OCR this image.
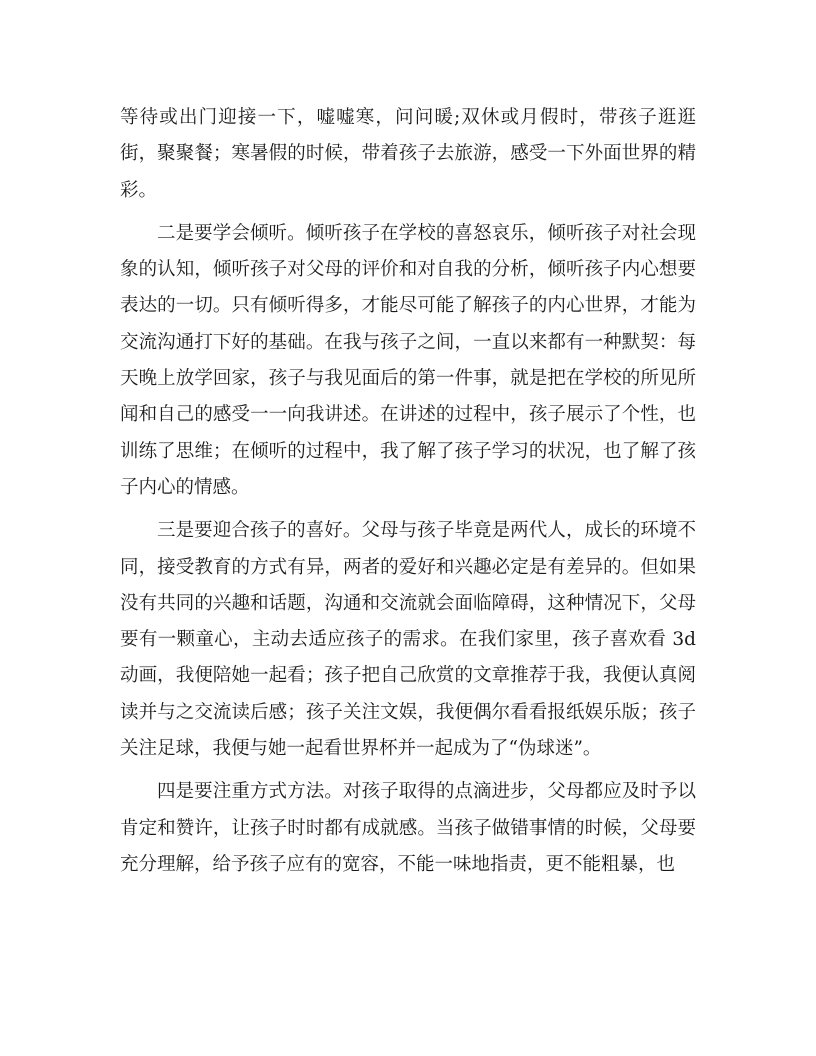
等待或出门迎接一下，嘘嘘寒，问问暖;双休或月假时，带孩子逛逛街，聚聚餐；寒暑假的时候，带着孩子去旅游，感受一下外面世界的精彩。

二是要学会倾听。倾听孩子在学校的喜怒哀乐，倾听孩子对社会现象的认知，倾听孩子对父母的评价和对自我的分析，倾听孩子内心想要表达的一切。只有倾听得多，才能尽可能了解孩子的内心世界，才能为交流沟通打下好的基础。在我与孩子之间，一直以来都有一种默契：每天晚上放学回家，孩子与我见面后的第一件事，就是把在学校的所见所闻和自己的感受一一向我讲述。在讲述的过程中，孩子展示了个性，也训练了思维；在倾听的过程中，我了解了孩子学习的状况，也了解了孩子内心的情感。

三是要迎合孩子的喜好。父母与孩子毕竟是两代人，成长的环境不同，接受教育的方式有异，两者的爱好和兴趣必定是有差异的。但如果没有共同的兴趣和话题，沟通和交流就会面临障碍，这种情况下，父母要有一颗童心，主动去适应孩子的需求。在我们家里，孩子喜欢看 3d 动画，我便陪她一起看；孩子把自己欣赏的文章推荐于我，我便认真阅读并与之交流读后感；孩子关注文娱，我便偶尔看看报纸娱乐版；孩子关注足球，我便与她一起看世界杯并一起成为了“伪球迷”。

四是要注重方式方法。对孩子取得的点滴进步，父母都应及时予以肯定和赞许，让孩子时时都有成就感。当孩子做错事情的时候，父母要充分理解，给予孩子应有的宽容，不能一味地指责，更不能粗暴，也
